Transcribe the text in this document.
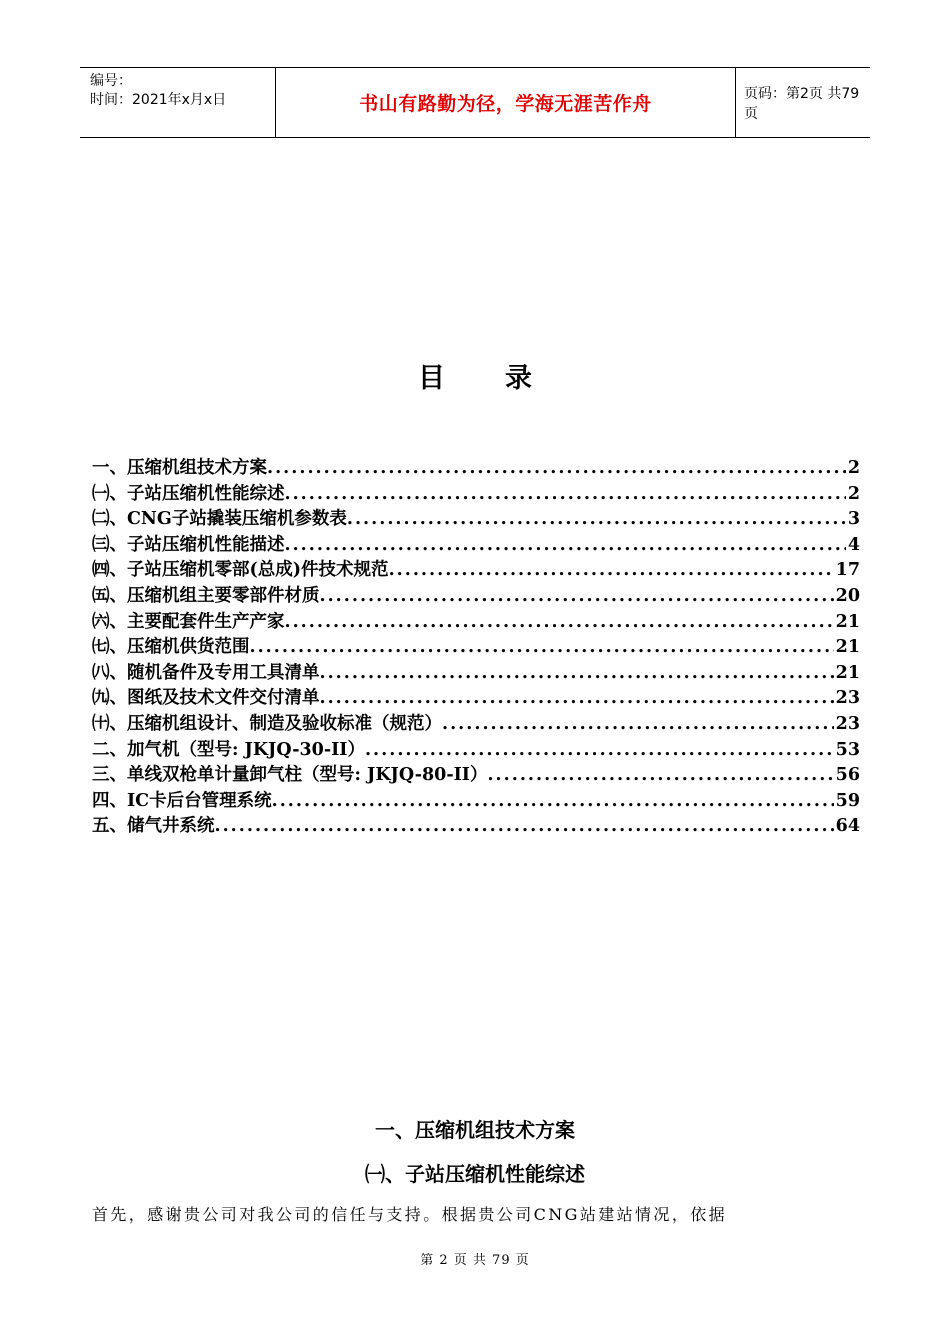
编号：
时间：2021年x月x日	书山有路勤为径，学海无涯苦作舟	页码：第2页 共79页
目录
一、压缩机组技术方案 .....	2
㈠、子站压缩机性能综述 .....	2
㈡、CNG子站撬装压缩机参数表 .....	3
㈢、子站压缩机性能描述 .....	4
㈣、子站压缩机零部(总成)件技术规范 .....	17
㈤、压缩机组主要零部件材质 .....	20
㈥、主要配套件生产产家 .....	21
㈦、压缩机供货范围 .....	21
㈧、随机备件及专用工具清单 .....	21
㈨、图纸及技术文件交付清单 .....	23
㈩、压缩机组设计、制造及验收标准（规范） .....	23
二、加气机（型号: JKJQ-30-II） .....	53
三、单线双枪单计量卸气柱（型号: JKJQ-80-II） .....	56
四、IC卡后台管理系统 .....	59
五、储气井系统 .....	64
一、压缩机组技术方案
㈠、子站压缩机性能综述
首先，感谢贵公司对我公司的信任与支持。根据贵公司CNG站建站情况，依据
第 2 页 共 79 页
